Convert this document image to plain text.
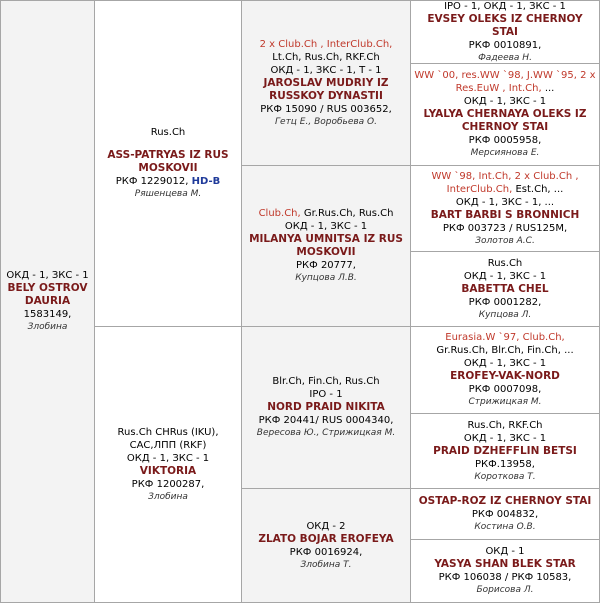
ОКД - 1, ЗКС - 1
BELY OSTROV DAURIA
1583149,
Злобина
Rus.Ch
ASS-PATRYAS IZ RUS MOSKOVII
РКФ 1229012, HD-B
Ряшенцева М.
Rus.Ch CHRus (IKU),
САС,ЛПП (RKF)
ОКД - 1, ЗКС - 1
VIKTORIA
РКФ 1200287,
Злобина
2 x Club.Ch , InterClub.Ch,
Lt.Ch, Rus.Ch, RKF.Ch
ОКД - 1, ЗКС - 1, Т - 1
JAROSLAV MUDRIY IZ RUSSKOY DYNASTII
РКФ 15090 / RUS 003652,
Гетц Е., Воробьева О.
Club.Ch, Gr.Rus.Ch, Rus.Ch
ОКД - 1, ЗКС - 1
MILANYA UMNITSA IZ RUS MOSKOVII
РКФ 20777,
Купцова Л.В.
Blr.Ch, Fin.Ch, Rus.Ch
IPO - 1
NORD PRAID NIKITA
РКФ 20441/ RUS 0004340,
Вересова Ю., Стрижицкая М.
ОКД - 2
ZLATO BOJAR EROFEYA
РКФ 0016924,
Злобина Т.
IPO - 1, ОКД - 1, ЗКС - 1
EVSEY OLEKS IZ CHERNOY STAI
РКФ 0010891,
Фадеева Н.
WW `00, res.WW `98, J.WW `95, 2 x Res.EuW , Int.Ch, ...
ОКД - 1, ЗКС - 1
LYALYA CHERNAYA OLEKS IZ CHERNOY STAI
РКФ 0005958,
Мерсиянова Е.
WW `98, Int.Ch, 2 x Club.Ch ,
InterClub.Ch, Est.Ch, ...
ОКД - 1, ЗКС - 1, ...
BART BARBI S BRONNICH
РКФ 003723 / RUS125M,
Золотов А.С.
Rus.Ch
ОКД - 1, ЗКС - 1
BABETTA CHEL
РКФ 0001282,
Купцова Л.
Eurasia.W `97, Club.Ch,
Gr.Rus.Ch, Blr.Ch, Fin.Ch, ...
ОКД - 1, ЗКС - 1
EROFEY-VAK-NORD
РКФ 0007098,
Стрижицкая М.
Rus.Ch, RKF.Ch
ОКД - 1, ЗКС - 1
PRAID DZHEFFLIN BETSI
РКФ.13958,
Короткова Т.
OSTAP-ROZ IZ CHERNOY STAI
РКФ 004832,
Костина О.В.
ОКД - 1
YASYA SHAN BLEK STAR
РКФ 106038 / РКФ 10583,
Борисова Л.
